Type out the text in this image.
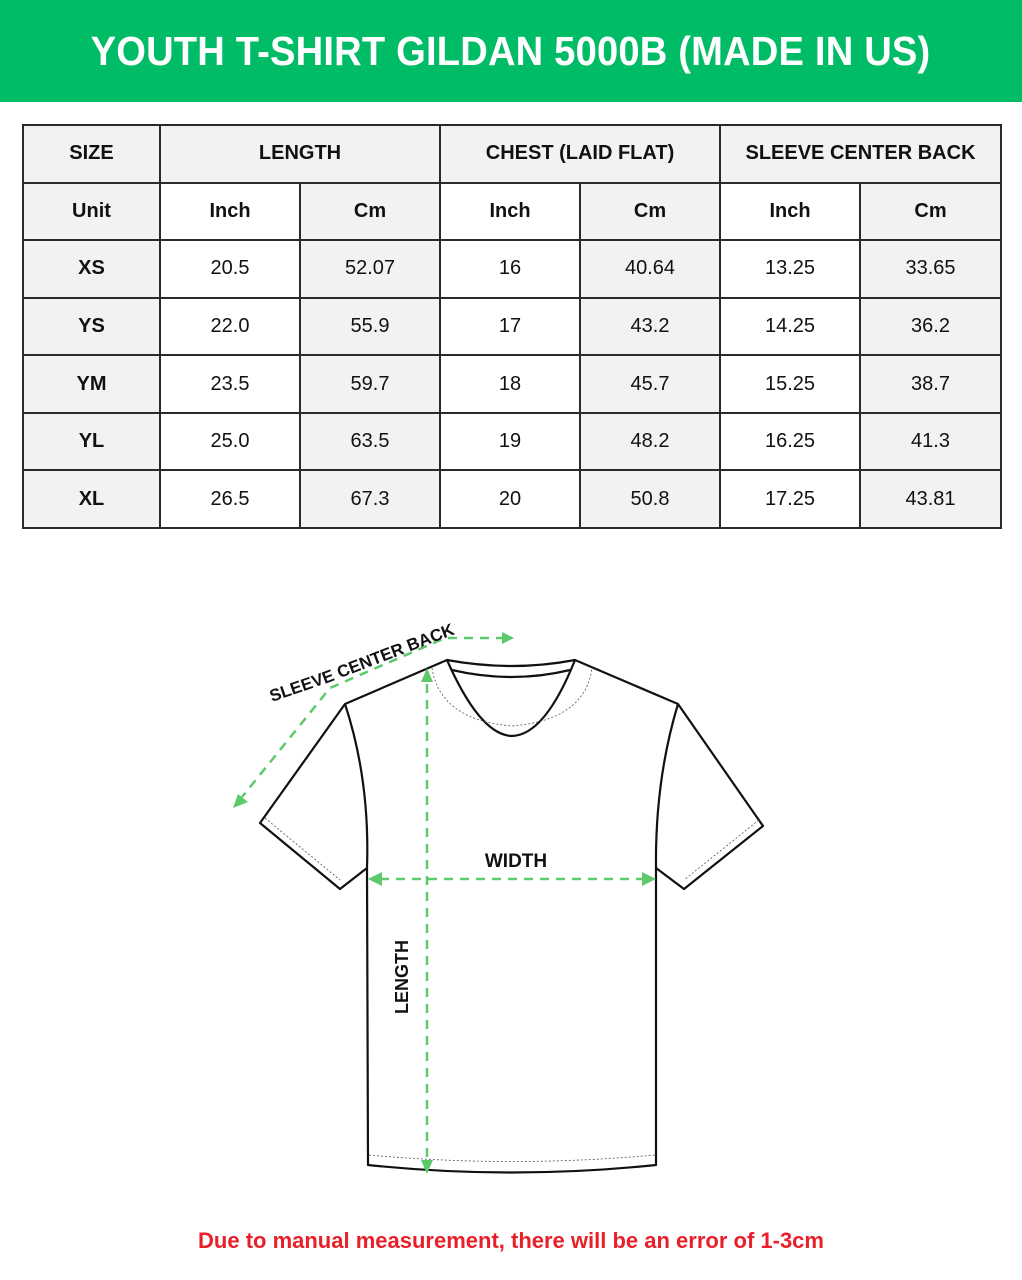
YOUTH T-SHIRT GILDAN 5000B (MADE IN US)
SIZE	LENGTH		CHEST (LAID FLAT)		SLEEVE CENTER BACK	
Unit	Inch	Cm	Inch	Cm	Inch	Cm
XS	20.5	52.07	16	40.64	13.25	33.65
YS	22.0	55.9	17	43.2	14.25	36.2
YM	23.5	59.7	18	45.7	15.25	38.7
YL	25.0	63.5	19	48.2	16.25	41.3
XL	26.5	67.3	20	50.8	17.25	43.81
SLEEVE CENTER BACK
WIDTH
LENGTH
Due to manual measurement, there will be an error of 1-3cm
